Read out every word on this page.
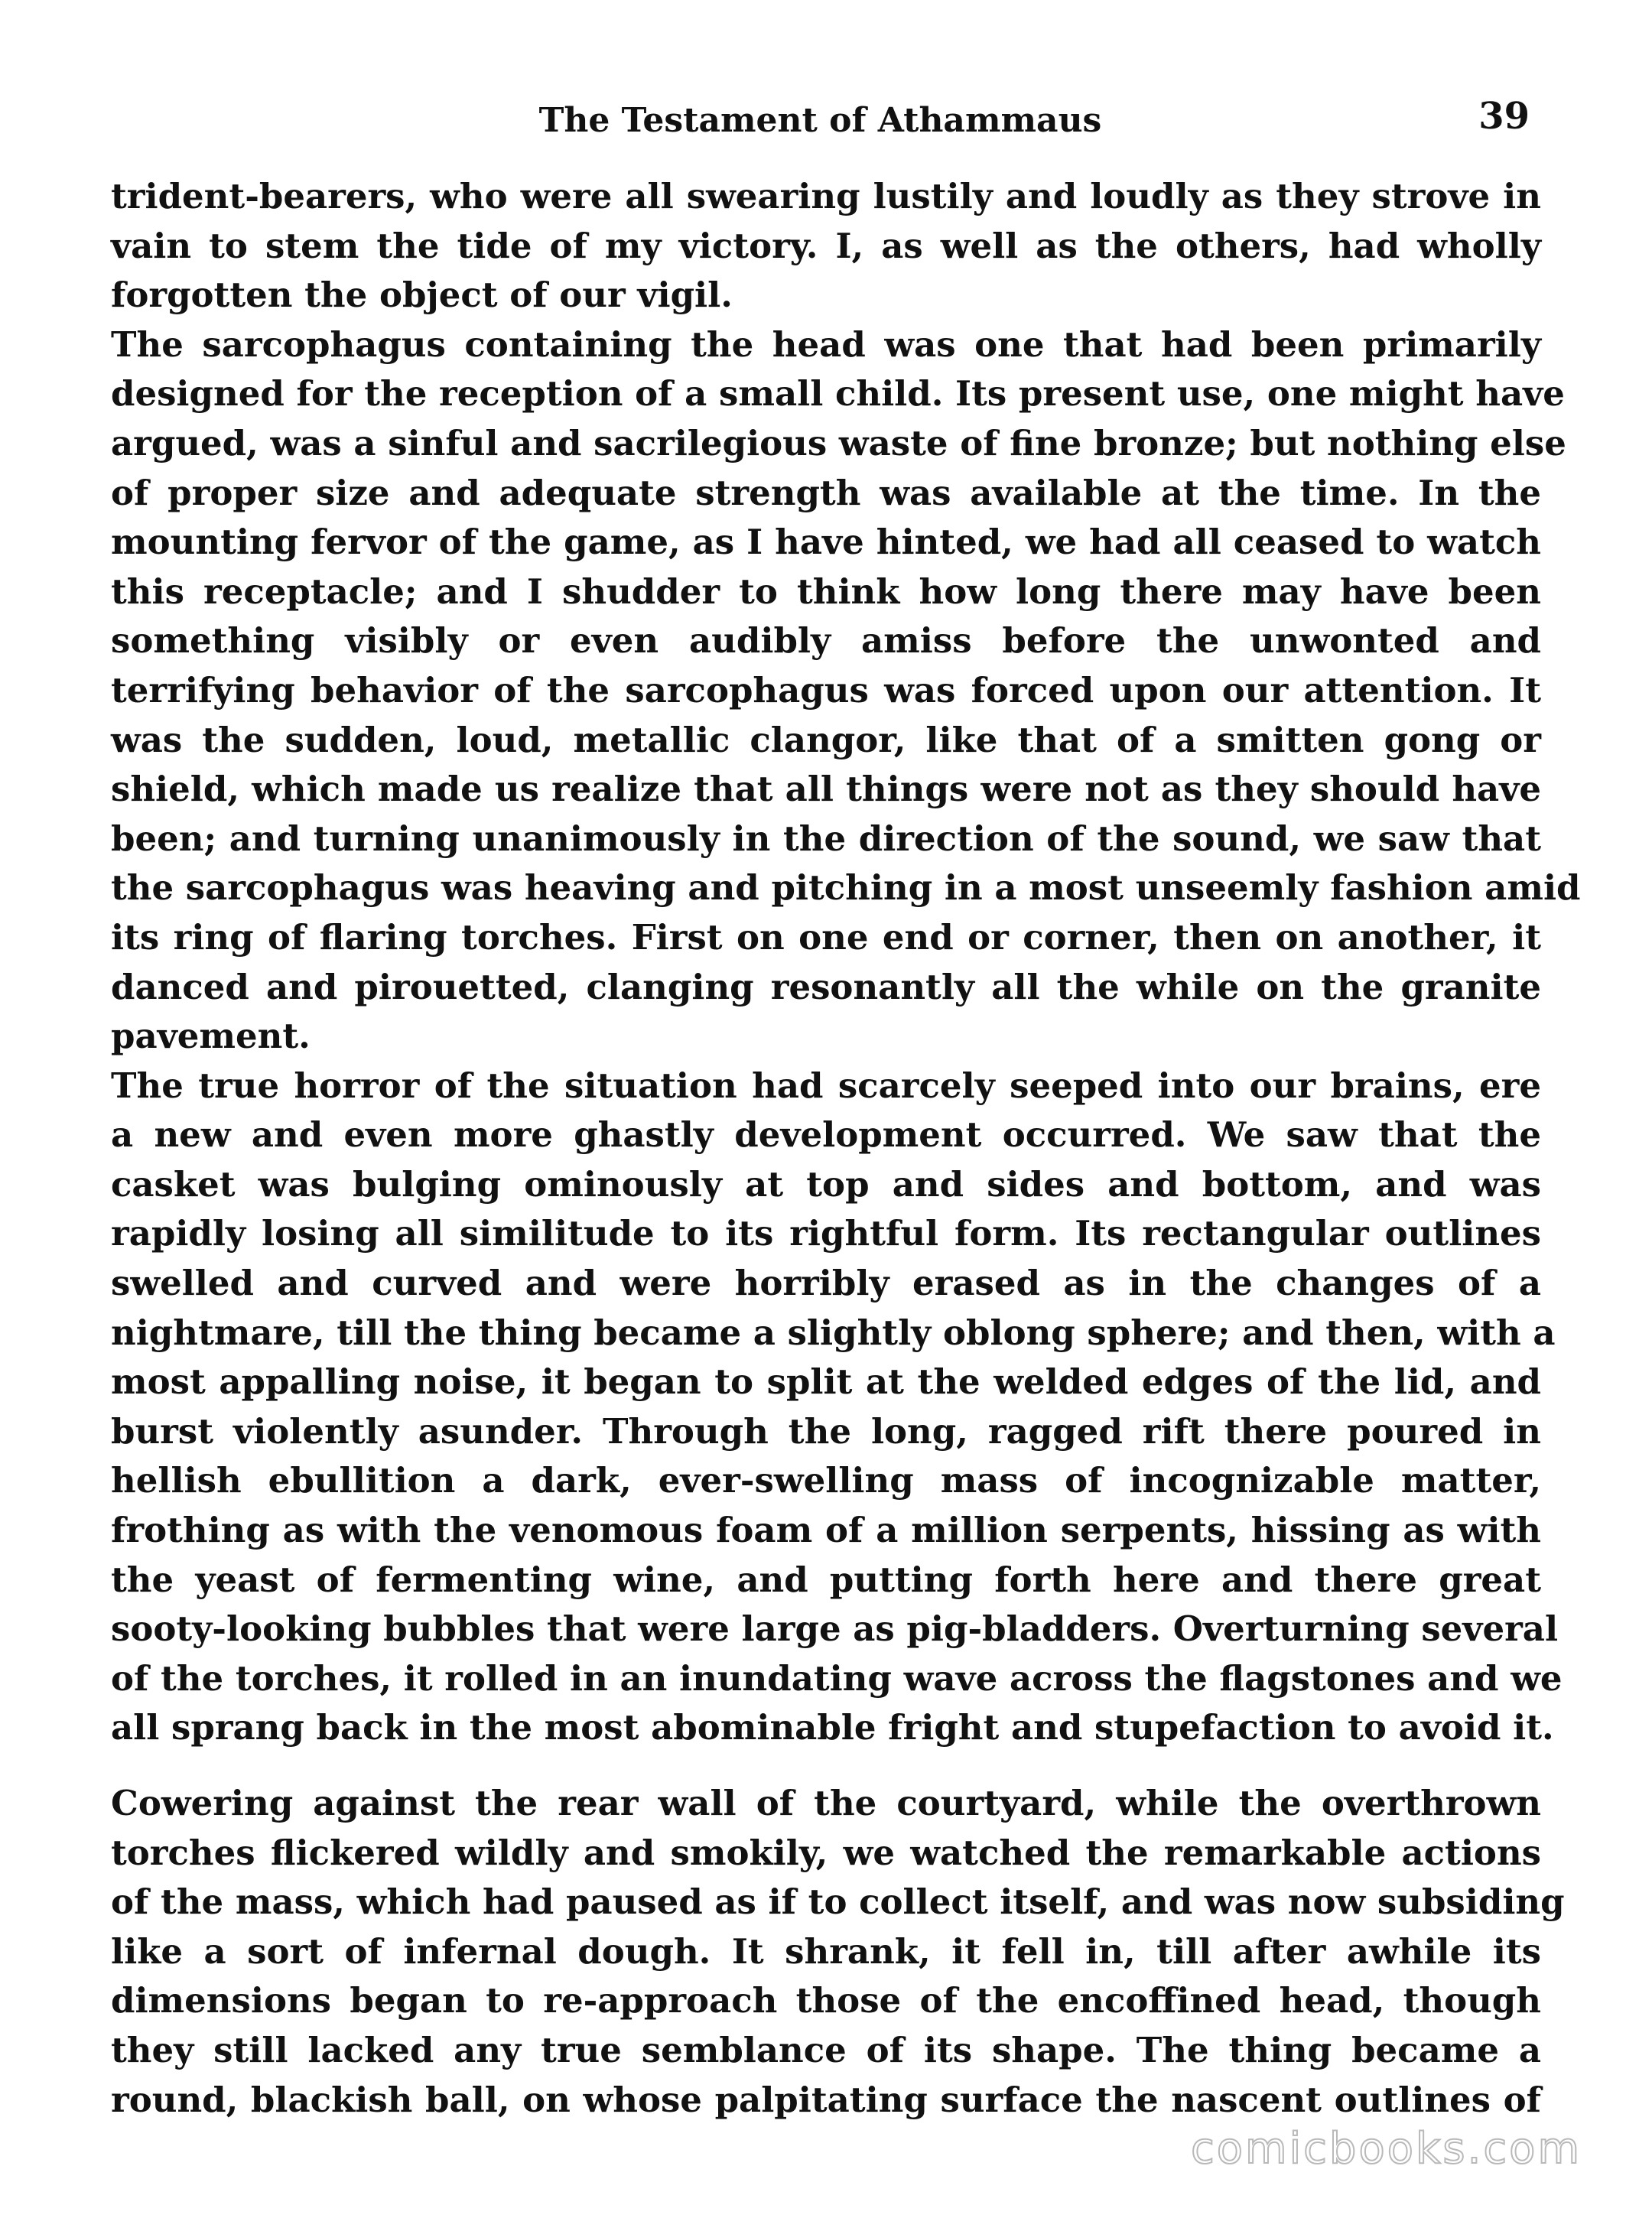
The Testament of Athammaus	39

trident-bearers, who were all swearing lustily and loudly as they strove in
vain to stem the tide of my victory. I, as well as the others, had wholly
forgotten the object of our vigil.

The sarcophagus containing the head was one that had been primarily
designed for the reception of a small child. Its present use, one might have
argued, was a sinful and sacrilegious waste of fine bronze; but nothing else
of proper size and adequate strength was available at the time. In the
mounting fervor of the game, as I have hinted, we had all ceased to watch
this receptacle; and I shudder to think how long there may have been
something visibly or even audibly amiss before the unwonted and
terrifying behavior of the sarcophagus was forced upon our attention. It
was the sudden, loud, metallic clangor, like that of a smitten gong or
shield, which made us realize that all things were not as they should have
been; and turning unanimously in the direction of the sound, we saw that
the sarcophagus was heaving and pitching in a most unseemly fashion amid
its ring of flaring torches. First on one end or corner, then on another, it
danced and pirouetted, clanging resonantly all the while on the granite
pavement.

The true horror of the situation had scarcely seeped into our brains, ere
a new and even more ghastly development occurred. We saw that the
casket was bulging ominously at top and sides and bottom, and was
rapidly losing all similitude to its rightful form. Its rectangular outlines
swelled and curved and were horribly erased as in the changes of a
nightmare, till the thing became a slightly oblong sphere; and then, with a
most appalling noise, it began to split at the welded edges of the lid, and
burst violently asunder. Through the long, ragged rift there poured in
hellish ebullition a dark, ever-swelling mass of incognizable matter,
frothing as with the venomous foam of a million serpents, hissing as with
the yeast of fermenting wine, and putting forth here and there great
sooty-looking bubbles that were large as pig-bladders. Overturning several
of the torches, it rolled in an inundating wave across the flagstones and we
all sprang back in the most abominable fright and stupefaction to avoid it.

Cowering against the rear wall of the courtyard, while the overthrown
torches flickered wildly and smokily, we watched the remarkable actions
of the mass, which had paused as if to collect itself, and was now subsiding
like a sort of infernal dough. It shrank, it fell in, till after awhile its
dimensions began to re-approach those of the encoffined head, though
they still lacked any true semblance of its shape. The thing became a
round, blackish ball, on whose palpitating surface the nascent outlines of

comicbooks.com
